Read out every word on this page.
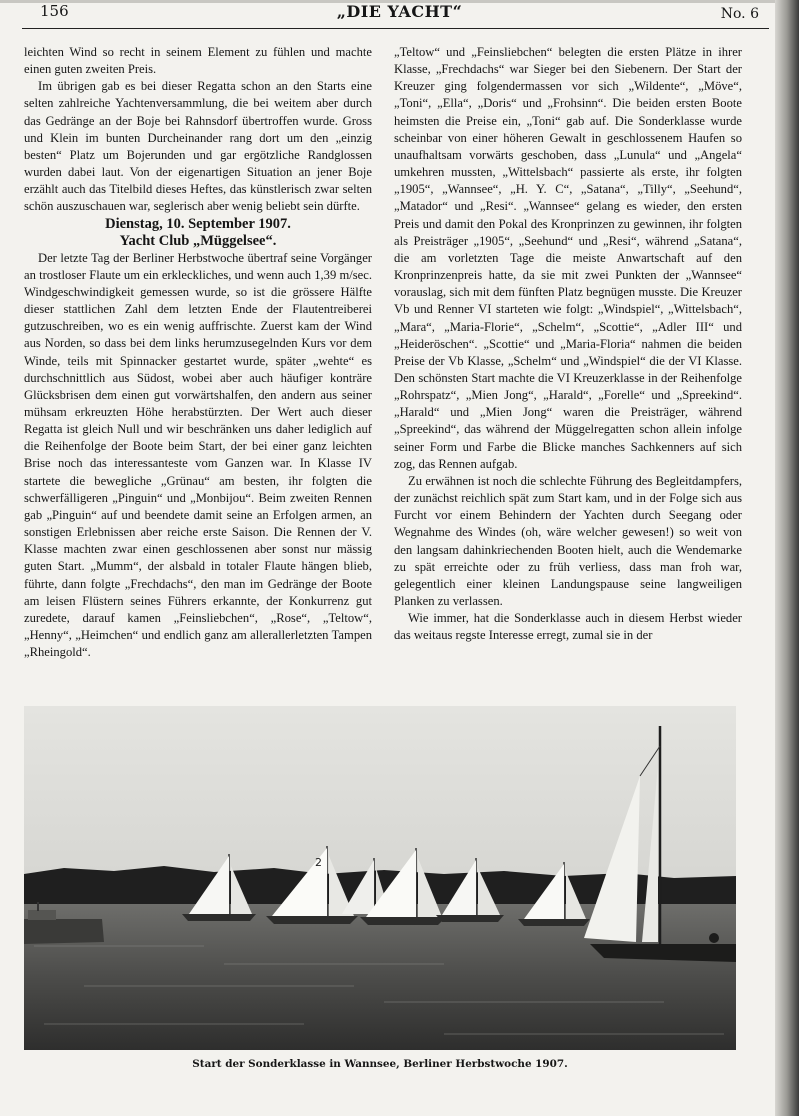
156	„DIE YACHT“	No. 6

leichten Wind so recht in seinem Element zu fühlen und machte einen guten zweiten Preis.

Im übrigen gab es bei dieser Regatta schon an den Starts eine selten zahlreiche Yachtenversammlung, die bei weitem aber durch das Gedränge an der Boje bei Rahnsdorf übertroffen wurde. Gross und Klein im bunten Durcheinander rang dort um den „einzig besten“ Platz um Bojerunden und gar ergötzliche Randglossen wurden dabei laut. Von der eigenartigen Situation an jener Boje erzählt auch das Titelbild dieses Heftes, das künstlerisch zwar selten schön auszuschauen war, seglerisch aber wenig beliebt sein dürfte.

Dienstag, 10. September 1907.
Yacht Club „Müggelsee“.

Der letzte Tag der Berliner Herbstwoche übertraf seine Vorgänger an trostloser Flaute um ein erkleckliches, und wenn auch 1,39 m/sec. Windgeschwindigkeit gemessen wurde, so ist die grössere Hälfte dieser stattlichen Zahl dem letzten Ende der Flautentreiberei gutzuschreiben, wo es ein wenig auffrischte. Zuerst kam der Wind aus Norden, so dass bei dem links herumzusegelnden Kurs vor dem Winde, teils mit Spinnacker gestartet wurde, später „wehte“ es durchschnittlich aus Südost, wobei aber auch häufiger konträre Glücksbrisen dem einen gut vorwärtshalfen, den andern aus seiner mühsam erkreuzten Höhe herabstürzten. Der Wert auch dieser Regatta ist gleich Null und wir beschränken uns daher lediglich auf die Reihenfolge der Boote beim Start, der bei einer ganz leichten Brise noch das interessanteste vom Ganzen war. In Klasse IV startete die bewegliche „Grünau“ am besten, ihr folgten die schwerfälligeren „Pinguin“ und „Monbijou“. Beim zweiten Rennen gab „Pinguin“ auf und beendete damit seine an Erfolgen armen, an sonstigen Erlebnissen aber reiche erste Saison. Die Rennen der V. Klasse machten zwar einen geschlossenen aber sonst nur mässig guten Start. „Mumm“, der alsbald in totaler Flaute hängen blieb, führte, dann folgte „Frechdachs“, den man im Gedränge der Boote am leisen Flüstern seines Führers erkannte, der Konkurrenz gut zuredete, darauf kamen „Feinsliebchen“, „Rose“, „Teltow“, „Henny“, „Heimchen“ und endlich ganz am allerallerletzten Tampen „Rheingold“.

„Teltow“ und „Feinsliebchen“ belegten die ersten Plätze in ihrer Klasse, „Frechdachs“ war Sieger bei den Siebenern. Der Start der Kreuzer ging folgendermassen vor sich „Wildente“, „Möve“, „Toni“, „Ella“, „Doris“ und „Frohsinn“. Die beiden ersten Boote heimsten die Preise ein, „Toni“ gab auf. Die Sonderklasse wurde scheinbar von einer höheren Gewalt in geschlossenem Haufen so unaufhaltsam vorwärts geschoben, dass „Lunula“ und „Angela“ umkehren mussten, „Wittelsbach“ passierte als erste, ihr folgten „1905“, „Wannsee“, „H. Y. C“, „Satana“, „Tilly“, „Seehund“, „Matador“ und „Resi“. „Wannsee“ gelang es wieder, den ersten Preis und damit den Pokal des Kronprinzen zu gewinnen, ihr folgten als Preisträger „1905“, „Seehund“ und „Resi“, während „Satana“, die am vorletzten Tage die meiste Anwartschaft auf den Kronprinzenpreis hatte, da sie mit zwei Punkten der „Wannsee“ vorauslag, sich mit dem fünften Platz begnügen musste. Die Kreuzer Vb und Renner VI starteten wie folgt: „Windspiel“, „Wittelsbach“, „Mara“, „Maria-Florie“, „Schelm“, „Scottie“, „Adler III“ und „Heideröschen“. „Scottie“ und „Maria-Floria“ nahmen die beiden Preise der Vb Klasse, „Schelm“ und „Windspiel“ die der VI Klasse. Den schönsten Start machte die VI Kreuzerklasse in der Reihenfolge „Rohrspatz“, „Mien Jong“, „Harald“, „Forelle“ und „Spreekind“. „Harald“ und „Mien Jong“ waren die Preisträger, während „Spreekind“, das während der Müggelregatten schon allein infolge seiner Form und Farbe die Blicke manches Sachkenners auf sich zog, das Rennen aufgab.

Zu erwähnen ist noch die schlechte Führung des Begleitdampfers, der zunächst reichlich spät zum Start kam, und in der Folge sich aus Furcht vor einem Behindern der Yachten durch Seegang oder Wegnahme des Windes (oh, wäre welcher gewesen!) so weit von den langsam dahinkriechenden Booten hielt, auch die Wendemarke zu spät erreichte oder zu früh verliess, dass man froh war, gelegentlich einer kleinen Landungspause seine langweiligen Planken zu verlassen.

Wie immer, hat die Sonderklasse auch in diesem Herbst wieder das weitaus regste Interesse erregt, zumal sie in der

2
Start der Sonderklasse in Wannsee, Berliner Herbstwoche 1907.
